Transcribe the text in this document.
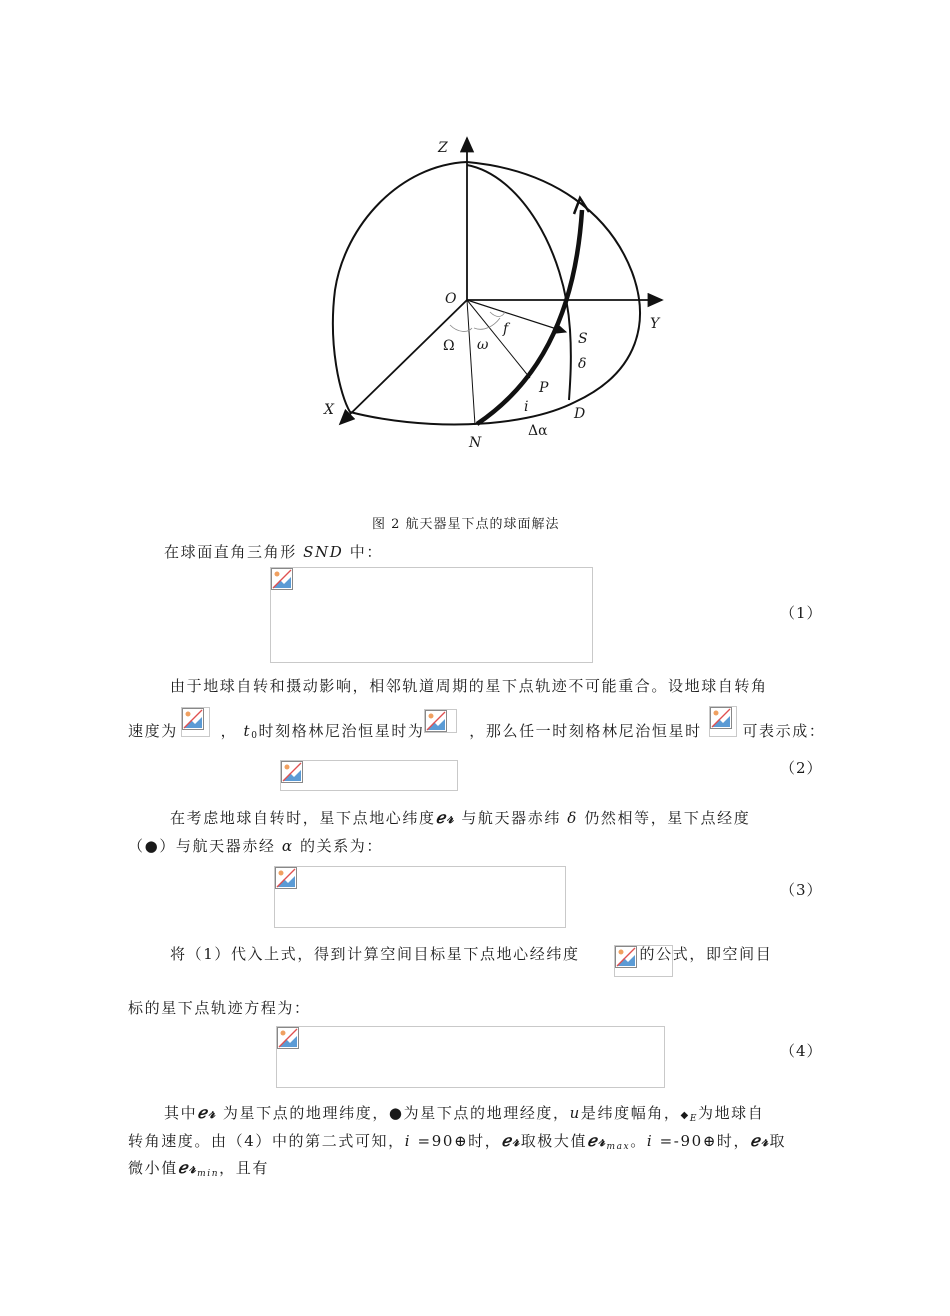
Z
Y
X
O
S
P
N
D
f
Ω ω
δ
i
Δα
图 2 航天器星下点的球面解法
在球面直角三角形 SND 中：
（1）
由于地球自转和摄动影响，相邻轨道周期的星下点轨迹不可能重合。设地球自转角
速度为	， t0时刻格林尼治恒星时为	，那么任一时刻格林尼治恒星时	可表示成：
（2）
在考虑地球自转时，星下点地心纬度ℯ𝓇 与航天器赤纬 δ 仍然相等，星下点经度
（●）与航天器赤经 α 的关系为：
（3）
将（1）代入上式，得到计算空间目标星下点地心经纬度	的公式，即空间目
标的星下点轨迹方程为：
（4）
其中ℯ𝓇 为星下点的地理纬度，●为星下点的地理经度，u是纬度幅角，$◆_E$为地球自
转角速度。由（4）中的第二式可知，i =90⊕时，ℯ𝓇取极大值ℯ𝓇$_{max}$。i =-90⊕时，ℯ𝓇取
微小值ℯ𝓇$_{min}$，且有
